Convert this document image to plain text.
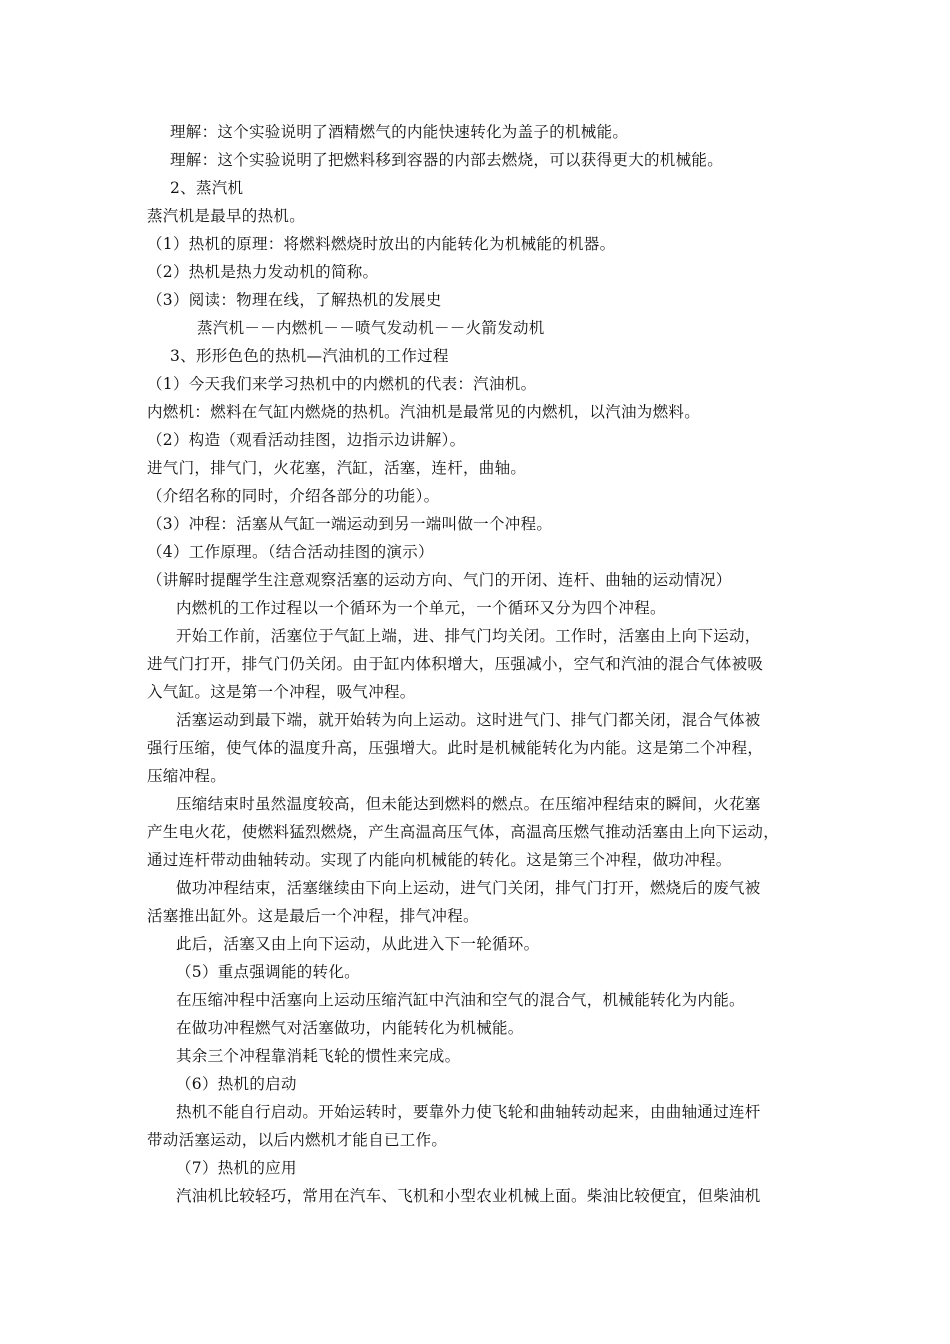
理解：这个实验说明了酒精燃气的内能快速转化为盖子的机械能。
理解：这个实验说明了把燃料移到容器的内部去燃烧，可以获得更大的机械能。
2、蒸汽机
蒸汽机是最早的热机。
（1）热机的原理：将燃料燃烧时放出的内能转化为机械能的机器。
（2）热机是热力发动机的简称。
（3）阅读：物理在线，了解热机的发展史
蒸汽机－－内燃机－－喷气发动机－－火箭发动机
3、形形色色的热机—汽油机的工作过程
（1）今天我们来学习热机中的内燃机的代表：汽油机。
内燃机：燃料在气缸内燃烧的热机。汽油机是最常见的内燃机，以汽油为燃料。
（2）构造（观看活动挂图，边指示边讲解）。
进气门，排气门，火花塞，汽缸，活塞，连杆，曲轴。
（介绍名称的同时，介绍各部分的功能）。
（3）冲程：活塞从气缸一端运动到另一端叫做一个冲程。
（4）工作原理。（结合活动挂图的演示）
（讲解时提醒学生注意观察活塞的运动方向、气门的开闭、连杆、曲轴的运动情况）
内燃机的工作过程以一个循环为一个单元，一个循环又分为四个冲程。
开始工作前，活塞位于气缸上端，进、排气门均关闭。工作时，活塞由上向下运动，
进气门打开，排气门仍关闭。由于缸内体积增大，压强减小，空气和汽油的混合气体被吸
入气缸。这是第一个冲程，吸气冲程。
活塞运动到最下端，就开始转为向上运动。这时进气门、排气门都关闭，混合气体被
强行压缩，使气体的温度升高，压强增大。此时是机械能转化为内能。这是第二个冲程，
压缩冲程。
压缩结束时虽然温度较高，但未能达到燃料的燃点。在压缩冲程结束的瞬间，火花塞
产生电火花，使燃料猛烈燃烧，产生高温高压气体，高温高压燃气推动活塞由上向下运动，
通过连杆带动曲轴转动。实现了内能向机械能的转化。这是第三个冲程，做功冲程。
做功冲程结束，活塞继续由下向上运动，进气门关闭，排气门打开，燃烧后的废气被
活塞推出缸外。这是最后一个冲程，排气冲程。
此后，活塞又由上向下运动，从此进入下一轮循环。
（5）重点强调能的转化。
在压缩冲程中活塞向上运动压缩汽缸中汽油和空气的混合气，机械能转化为内能。
在做功冲程燃气对活塞做功，内能转化为机械能。
其余三个冲程靠消耗飞轮的惯性来完成。
（6）热机的启动
热机不能自行启动。开始运转时，要靠外力使飞轮和曲轴转动起来，由曲轴通过连杆
带动活塞运动，以后内燃机才能自已工作。
（7）热机的应用
汽油机比较轻巧，常用在汽车、飞机和小型农业机械上面。柴油比较便宜，但柴油机
